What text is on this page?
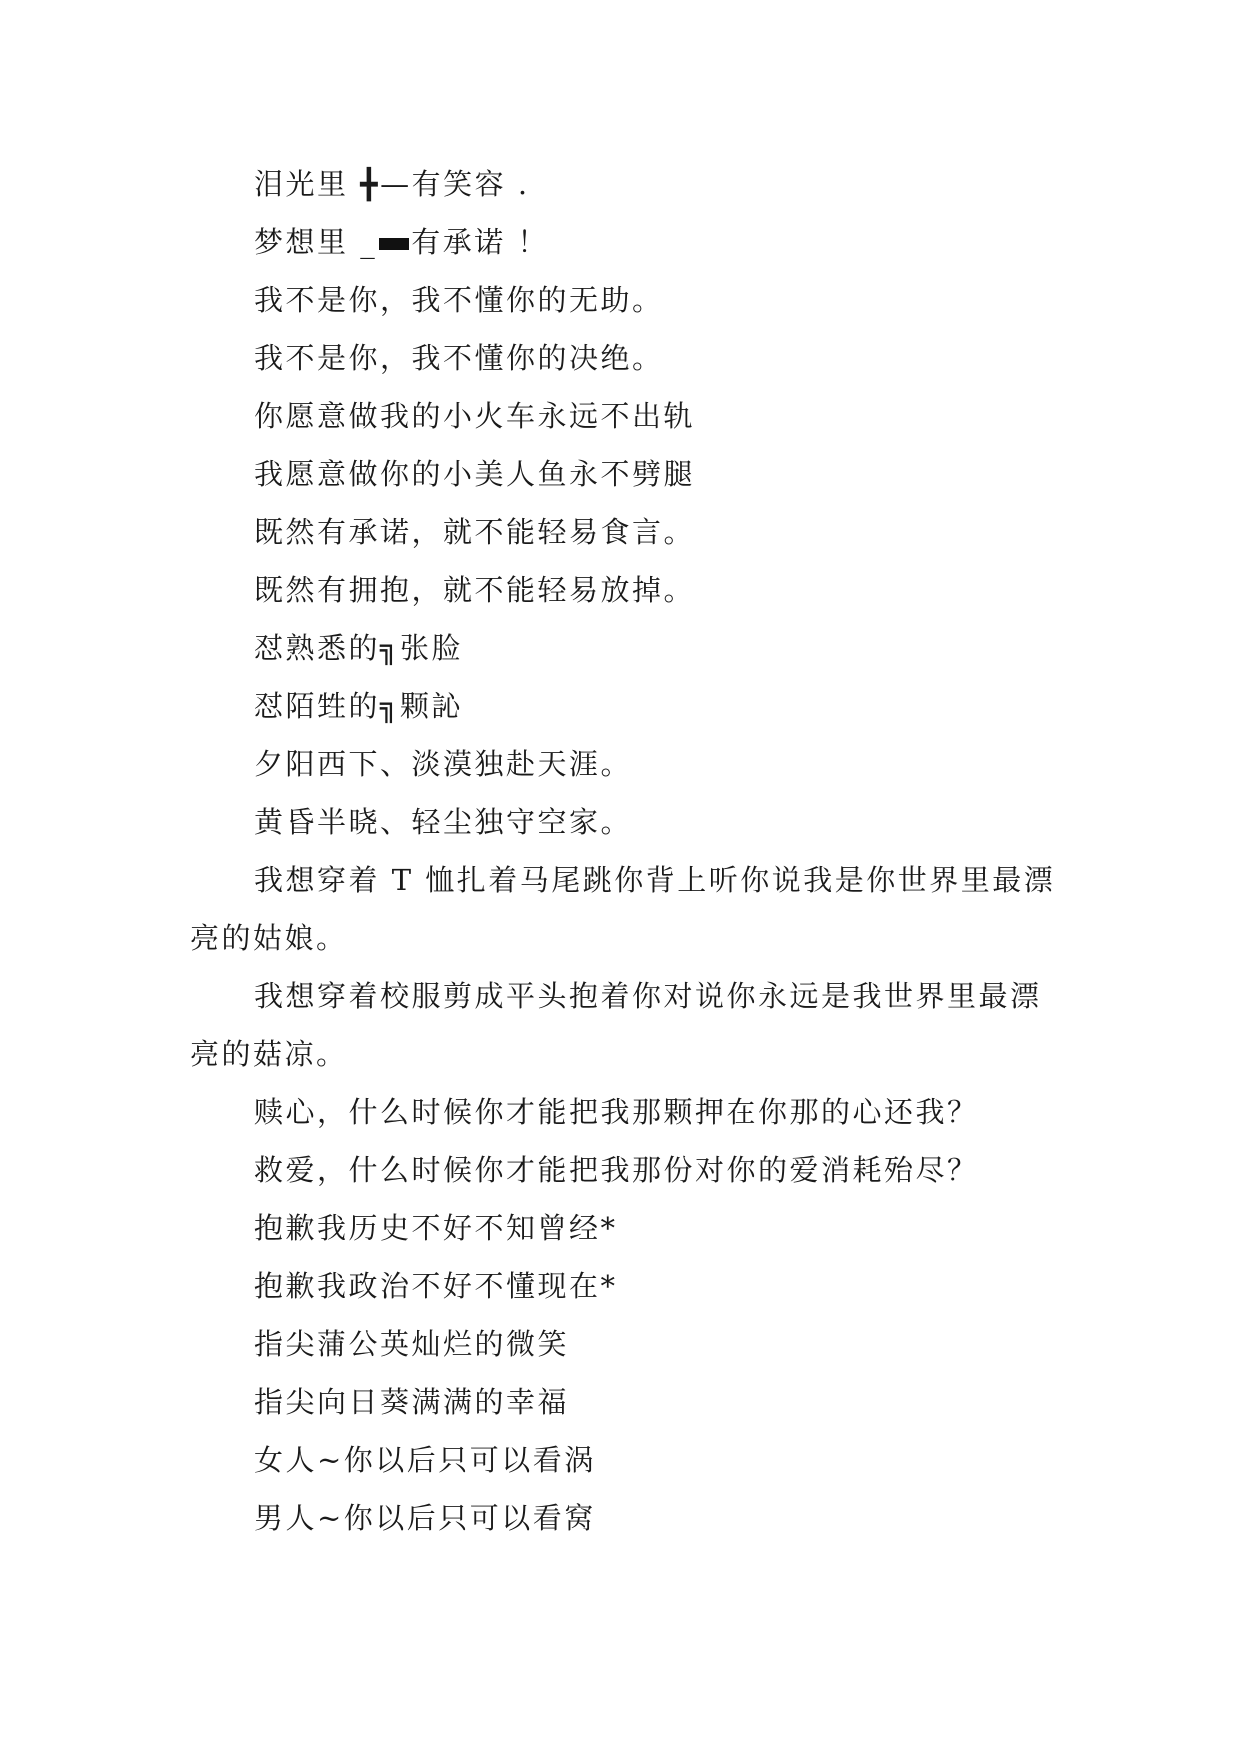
泪光里 ╋—有笑容 .

梦想里 _ 有承诺 ！

我不是你，我不懂你的无助。

我不是你，我不懂你的决绝。

你愿意做我的小火车永远不出轨

我愿意做你的小美人鱼永不劈腿

既然有承诺，就不能轻易食言。

既然有拥抱，就不能轻易放掉。

怼熟悉的╗张脸

怼陌甡的╗颗訫

夕阳西下、淡漠独赴天涯。

黄昏半晓、轻尘独守空家。

我想穿着 T 恤扎着马尾跳你背上听你说我是你世界里最漂亮的姑娘。

我想穿着校服剪成平头抱着你对说你永远是我世界里最漂亮的菇凉。

赎心，什么时候你才能把我那颗押在你那的心还我？

救爱，什么时候你才能把我那份对你的爱消耗殆尽？

抱歉我历史不好不知曾经*

抱歉我政治不好不懂现在*

指尖蒲公英灿烂的微笑

指尖向日葵满满的幸福

女人~你以后只可以看涡

男人~你以后只可以看窝
